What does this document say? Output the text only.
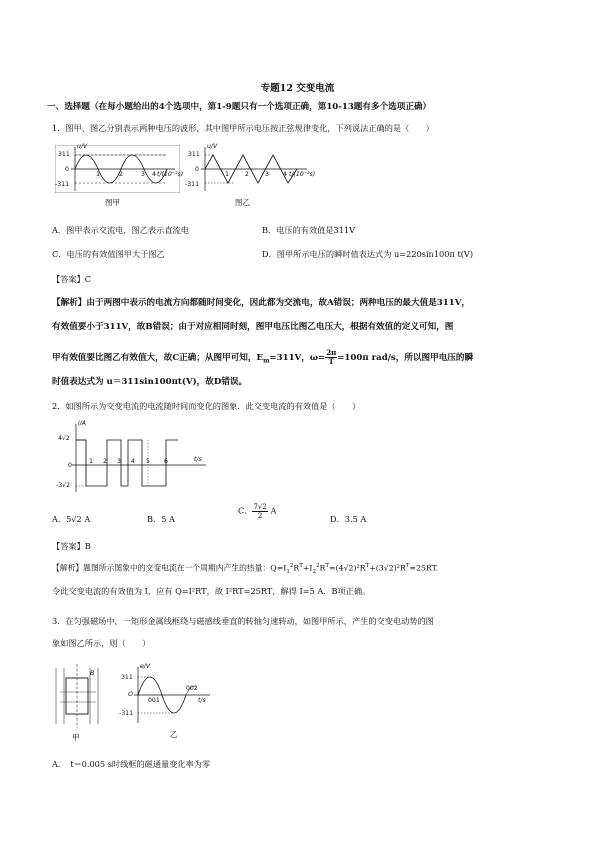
专题12 交变电流
一、选择题（在每小题给出的4个选项中，第1-9题只有一个选项正确，第10-13题有多个选项正确）
1．图甲、图乙分别表示两种电压的波形，其中图甲所示电压按正弦规律变化，下列说法正确的是（　　）
u/V
311
0
-311
1	2	3 4 t/(10⁻²s)
图甲
u/V
311
0
-311
1	2	3 4 t/(10⁻²s)
图乙
A．图甲表示交流电，图乙表示直流电	B．电压的有效值是311V
C．电压的有效值图甲大于图乙	D．图甲所示电压的瞬时值表达式为 u=220sin100π t(V)
【答案】C
【解析】由于两图中表示的电流方向都随时间变化，因此都为交流电，故A错误；两种电压的最大值是311V，
有效值要小于311V，故B错误；由于对应相同时刻，图甲电压比图乙电压大，根据有效值的定义可知，图
甲有效值要比图乙有效值大，故C正确；从图甲可知，$E_m=311V$，$\omega= \frac{2\pi}{T} =100\pi$ rad/s，所以图甲电压的瞬
时值表达式为 u＝311sin100πt(V)，故D错误。
2．如图所示为交变电流的电流随时间而变化的图象．此交变电流的有效值是（　　）
i/A
4√2
0
-3√2
1 2 3 4 5 6	t/s
A．5√2 A	B．5 A
C． $\frac{7√2}{2}$ A
D．3.5 A
【答案】B
【解析】题图所示图象中的交变电流在一个周期内产生的热量：$Q=I_1^2R^T+I_2^2R^T=(4√2)^2R^T+(3√2)^2R^T=25RT$.
令此交变电流的有效值为 I，应有 Q=I²RT，故 I²RT=25RT，解得 I=5 A．B项正确。
3．在匀强磁场中，一矩形金属线框绕与磁感线垂直的转轴匀速转动，如图甲所示，产生的交变电动势的图
象如图乙所示，则（　　）
B
甲
e/V
311
O
-311
001
002
t/s
乙
A．　t＝0.005 s时线框的磁通量变化率为零
